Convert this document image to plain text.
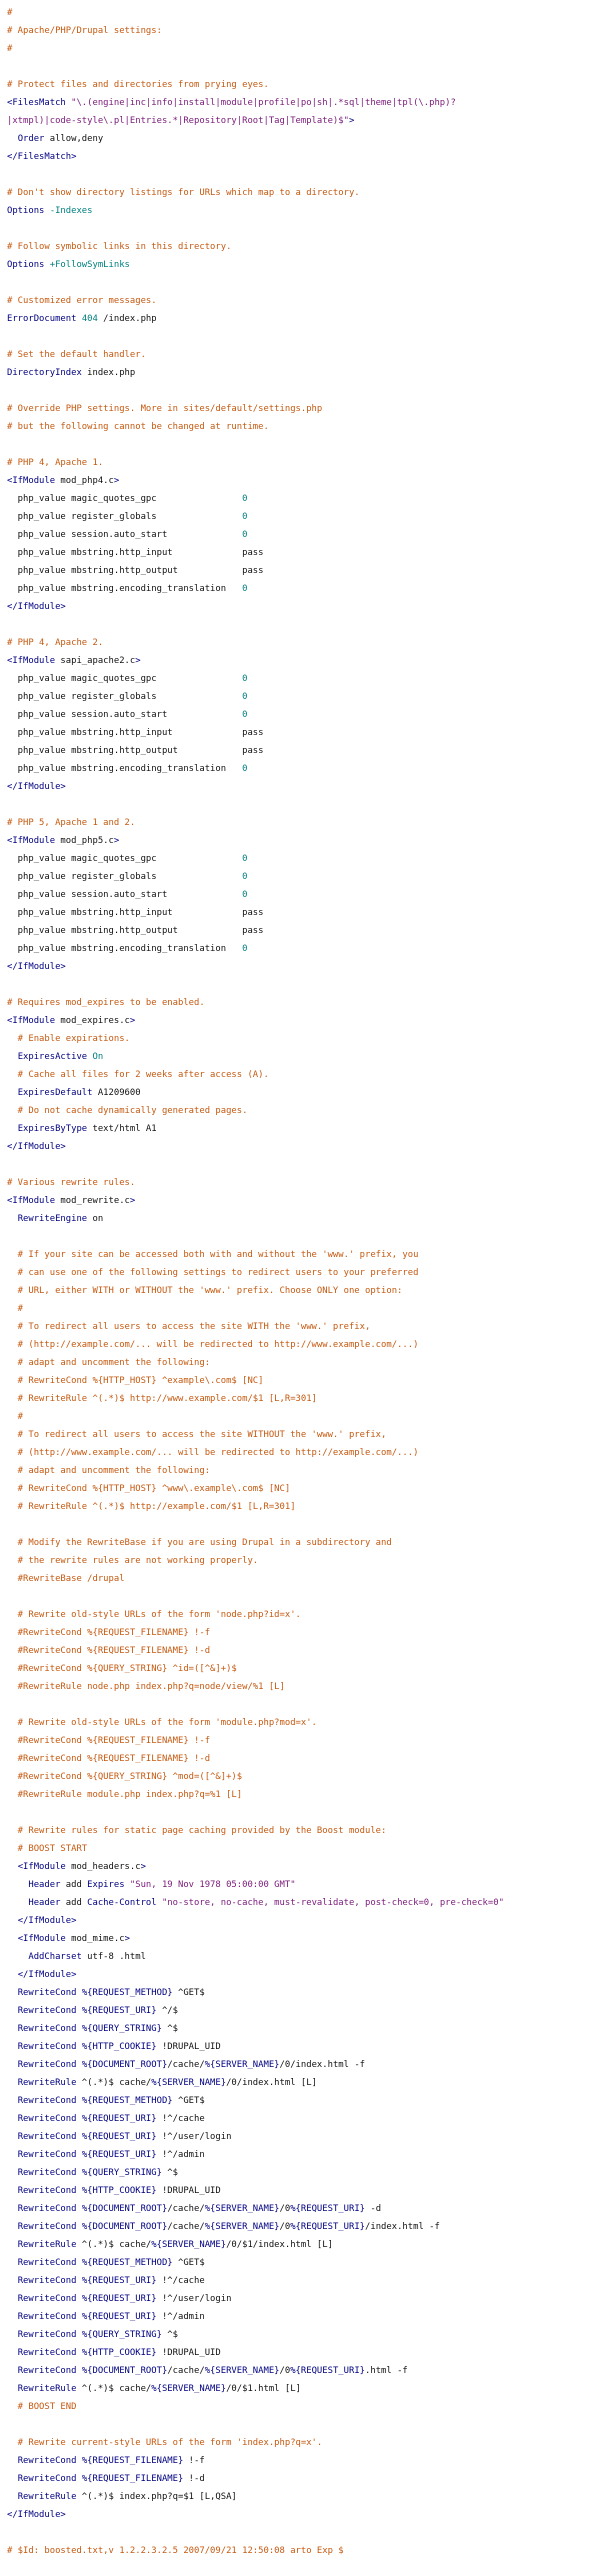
#
# Apache/PHP/Drupal settings:
#
# Protect files and directories from prying eyes.
<FilesMatch "\.(engine|inc|info|install|module|profile|po|sh|.*sql|theme|tpl(\.php)?
|xtmpl)|code-style\.pl|Entries.*|Repository|Root|Tag|Template)$">
Order allow,deny
</FilesMatch>
# Don't show directory listings for URLs which map to a directory.
Options -Indexes
# Follow symbolic links in this directory.
Options +FollowSymLinks
# Customized error messages.
ErrorDocument 404 /index.php
# Set the default handler.
DirectoryIndex index.php
# Override PHP settings. More in sites/default/settings.php
# but the following cannot be changed at runtime.
# PHP 4, Apache 1.
<IfModule mod_php4.c>
php_value magic_quotes_gpc                0
php_value register_globals                0
php_value session.auto_start              0
php_value mbstring.http_input             pass
php_value mbstring.http_output            pass
php_value mbstring.encoding_translation   0
</IfModule>
# PHP 4, Apache 2.
<IfModule sapi_apache2.c>
php_value magic_quotes_gpc                0
php_value register_globals                0
php_value session.auto_start              0
php_value mbstring.http_input             pass
php_value mbstring.http_output            pass
php_value mbstring.encoding_translation   0
</IfModule>
# PHP 5, Apache 1 and 2.
<IfModule mod_php5.c>
php_value magic_quotes_gpc                0
php_value register_globals                0
php_value session.auto_start              0
php_value mbstring.http_input             pass
php_value mbstring.http_output            pass
php_value mbstring.encoding_translation   0
</IfModule>
# Requires mod_expires to be enabled.
<IfModule mod_expires.c>
# Enable expirations.
ExpiresActive On
# Cache all files for 2 weeks after access (A).
ExpiresDefault A1209600
# Do not cache dynamically generated pages.
ExpiresByType text/html A1
</IfModule>
# Various rewrite rules.
<IfModule mod_rewrite.c>
RewriteEngine on
# If your site can be accessed both with and without the 'www.' prefix, you
# can use one of the following settings to redirect users to your preferred
# URL, either WITH or WITHOUT the 'www.' prefix. Choose ONLY one option:
#
# To redirect all users to access the site WITH the 'www.' prefix,
# (http://example.com/... will be redirected to http://www.example.com/...)
# adapt and uncomment the following:
# RewriteCond %{HTTP_HOST} ^example\.com$ [NC]
# RewriteRule ^(.*)$ http://www.example.com/$1 [L,R=301]
#
# To redirect all users to access the site WITHOUT the 'www.' prefix,
# (http://www.example.com/... will be redirected to http://example.com/...)
# adapt and uncomment the following:
# RewriteCond %{HTTP_HOST} ^www\.example\.com$ [NC]
# RewriteRule ^(.*)$ http://example.com/$1 [L,R=301]
# Modify the RewriteBase if you are using Drupal in a subdirectory and
# the rewrite rules are not working properly.
#RewriteBase /drupal
# Rewrite old-style URLs of the form 'node.php?id=x'.
#RewriteCond %{REQUEST_FILENAME} !-f
#RewriteCond %{REQUEST_FILENAME} !-d
#RewriteCond %{QUERY_STRING} ^id=([^&]+)$
#RewriteRule node.php index.php?q=node/view/%1 [L]
# Rewrite old-style URLs of the form 'module.php?mod=x'.
#RewriteCond %{REQUEST_FILENAME} !-f
#RewriteCond %{REQUEST_FILENAME} !-d
#RewriteCond %{QUERY_STRING} ^mod=([^&]+)$
#RewriteRule module.php index.php?q=%1 [L]
# Rewrite rules for static page caching provided by the Boost module:
# BOOST START
<IfModule mod_headers.c>
Header add Expires "Sun, 19 Nov 1978 05:00:00 GMT"
Header add Cache-Control "no-store, no-cache, must-revalidate, post-check=0, pre-check=0"
</IfModule>
<IfModule mod_mime.c>
AddCharset utf-8 .html
</IfModule>
RewriteCond %{REQUEST_METHOD} ^GET$
RewriteCond %{REQUEST_URI} ^/$
RewriteCond %{QUERY_STRING} ^$
RewriteCond %{HTTP_COOKIE} !DRUPAL_UID
RewriteCond %{DOCUMENT_ROOT}/cache/%{SERVER_NAME}/0/index.html -f
RewriteRule ^(.*)$ cache/%{SERVER_NAME}/0/index.html [L]
RewriteCond %{REQUEST_METHOD} ^GET$
RewriteCond %{REQUEST_URI} !^/cache
RewriteCond %{REQUEST_URI} !^/user/login
RewriteCond %{REQUEST_URI} !^/admin
RewriteCond %{QUERY_STRING} ^$
RewriteCond %{HTTP_COOKIE} !DRUPAL_UID
RewriteCond %{DOCUMENT_ROOT}/cache/%{SERVER_NAME}/0%{REQUEST_URI} -d
RewriteCond %{DOCUMENT_ROOT}/cache/%{SERVER_NAME}/0%{REQUEST_URI}/index.html -f
RewriteRule ^(.*)$ cache/%{SERVER_NAME}/0/$1/index.html [L]
RewriteCond %{REQUEST_METHOD} ^GET$
RewriteCond %{REQUEST_URI} !^/cache
RewriteCond %{REQUEST_URI} !^/user/login
RewriteCond %{REQUEST_URI} !^/admin
RewriteCond %{QUERY_STRING} ^$
RewriteCond %{HTTP_COOKIE} !DRUPAL_UID
RewriteCond %{DOCUMENT_ROOT}/cache/%{SERVER_NAME}/0%{REQUEST_URI}.html -f
RewriteRule ^(.*)$ cache/%{SERVER_NAME}/0/$1.html [L]
# BOOST END
# Rewrite current-style URLs of the form 'index.php?q=x'.
RewriteCond %{REQUEST_FILENAME} !-f
RewriteCond %{REQUEST_FILENAME} !-d
RewriteRule ^(.*)$ index.php?q=$1 [L,QSA]
</IfModule>
# $Id: boosted.txt,v 1.2.2.3.2.5 2007/09/21 12:50:08 arto Exp $
